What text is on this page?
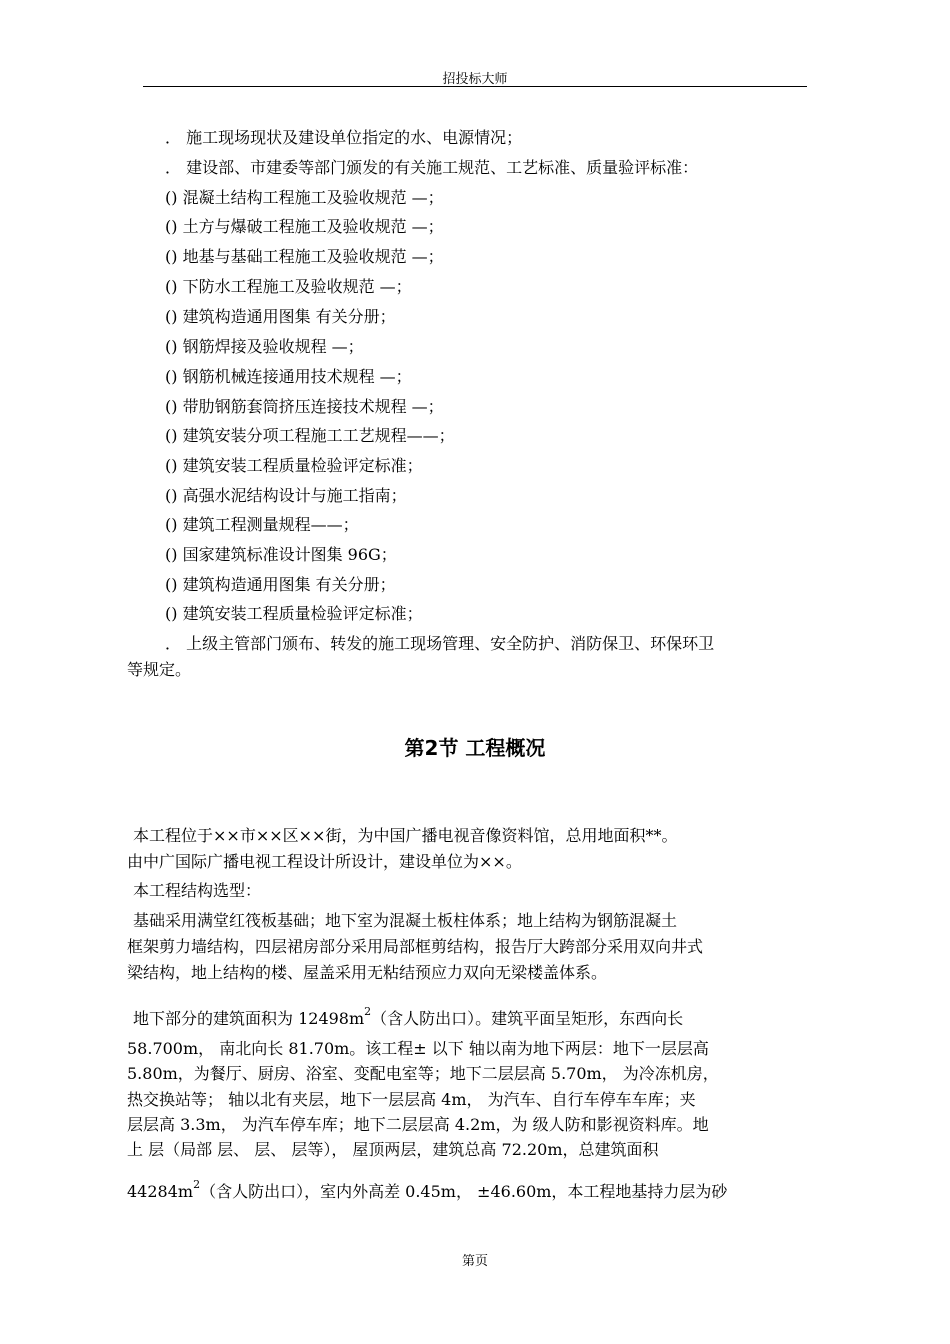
招投标大师
． 施工现场现状及建设单位指定的水、电源情况；
． 建设部、市建委等部门颁发的有关施工规范、工艺标准、质量验评标准：
() 混凝土结构工程施工及验收规范 —；
() 土方与爆破工程施工及验收规范 —；
() 地基与基础工程施工及验收规范 —；
() 下防水工程施工及验收规范 —；
() 建筑构造通用图集 有关分册；
() 钢筋焊接及验收规程 —；
() 钢筋机械连接通用技术规程 —；
() 带肋钢筋套筒挤压连接技术规程 —；
() 建筑安装分项工程施工工艺规程——；
() 建筑安装工程质量检验评定标准；
() 高强水泥结构设计与施工指南；
() 建筑工程测量规程——；
() 国家建筑标准设计图集 96G；
() 建筑构造通用图集 有关分册；
() 建筑安装工程质量检验评定标准；
． 上级主管部门颁布、转发的施工现场管理、安全防护、消防保卫、环保环卫
等规定。
第2节 工程概况
本工程位于××市××区××街，为中国广播电视音像资料馆，总用地面积**。
由中广国际广播电视工程设计所设计，建设单位为××。
本工程结构选型：
基础采用满堂红筏板基础；地下室为混凝土板柱体系；地上结构为钢筋混凝土
框架剪力墙结构，四层裙房部分采用局部框剪结构，报告厅大跨部分采用双向井式
梁结构，地上结构的楼、屋盖采用无粘结预应力双向无梁楼盖体系。
地下部分的建筑面积为 $12498m^2$（含人防出口）。建筑平面呈矩形，东西向长
58.700m， 南北向长 81.70m。该工程± 以下 轴以南为地下两层：地下一层层高
5.80m，为餐厅、厨房、浴室、变配电室等；地下二层层高 5.70m， 为冷冻机房，
热交换站等； 轴以北有夹层，地下一层层高 4m， 为汽车、自行车停车车库；夹
层层高 3.3m， 为汽车停车库；地下二层层高 4.2m，为 级人防和影视资料库。地
上 层（局部 层、 层、 层等）， 屋顶两层，建筑总高 72.20m，总建筑面积
$44284m^2$（含人防出口），室内外高差 0.45m， ±46.60m，本工程地基持力层为砂
第页
